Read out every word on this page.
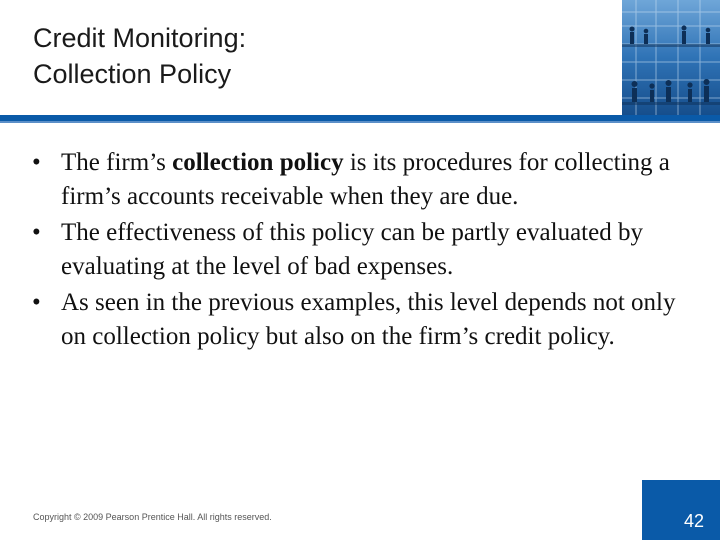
Credit Monitoring:
Collection Policy
• The firm’s collection policy is its procedures for collecting a firm’s accounts receivable when they are due.
• The effectiveness of this policy can be partly evaluated by evaluating at the level of bad expenses.
• As seen in the previous examples, this level depends not only on collection policy but also on the firm’s credit policy.
Copyright © 2009 Pearson Prentice Hall. All rights reserved.	42
